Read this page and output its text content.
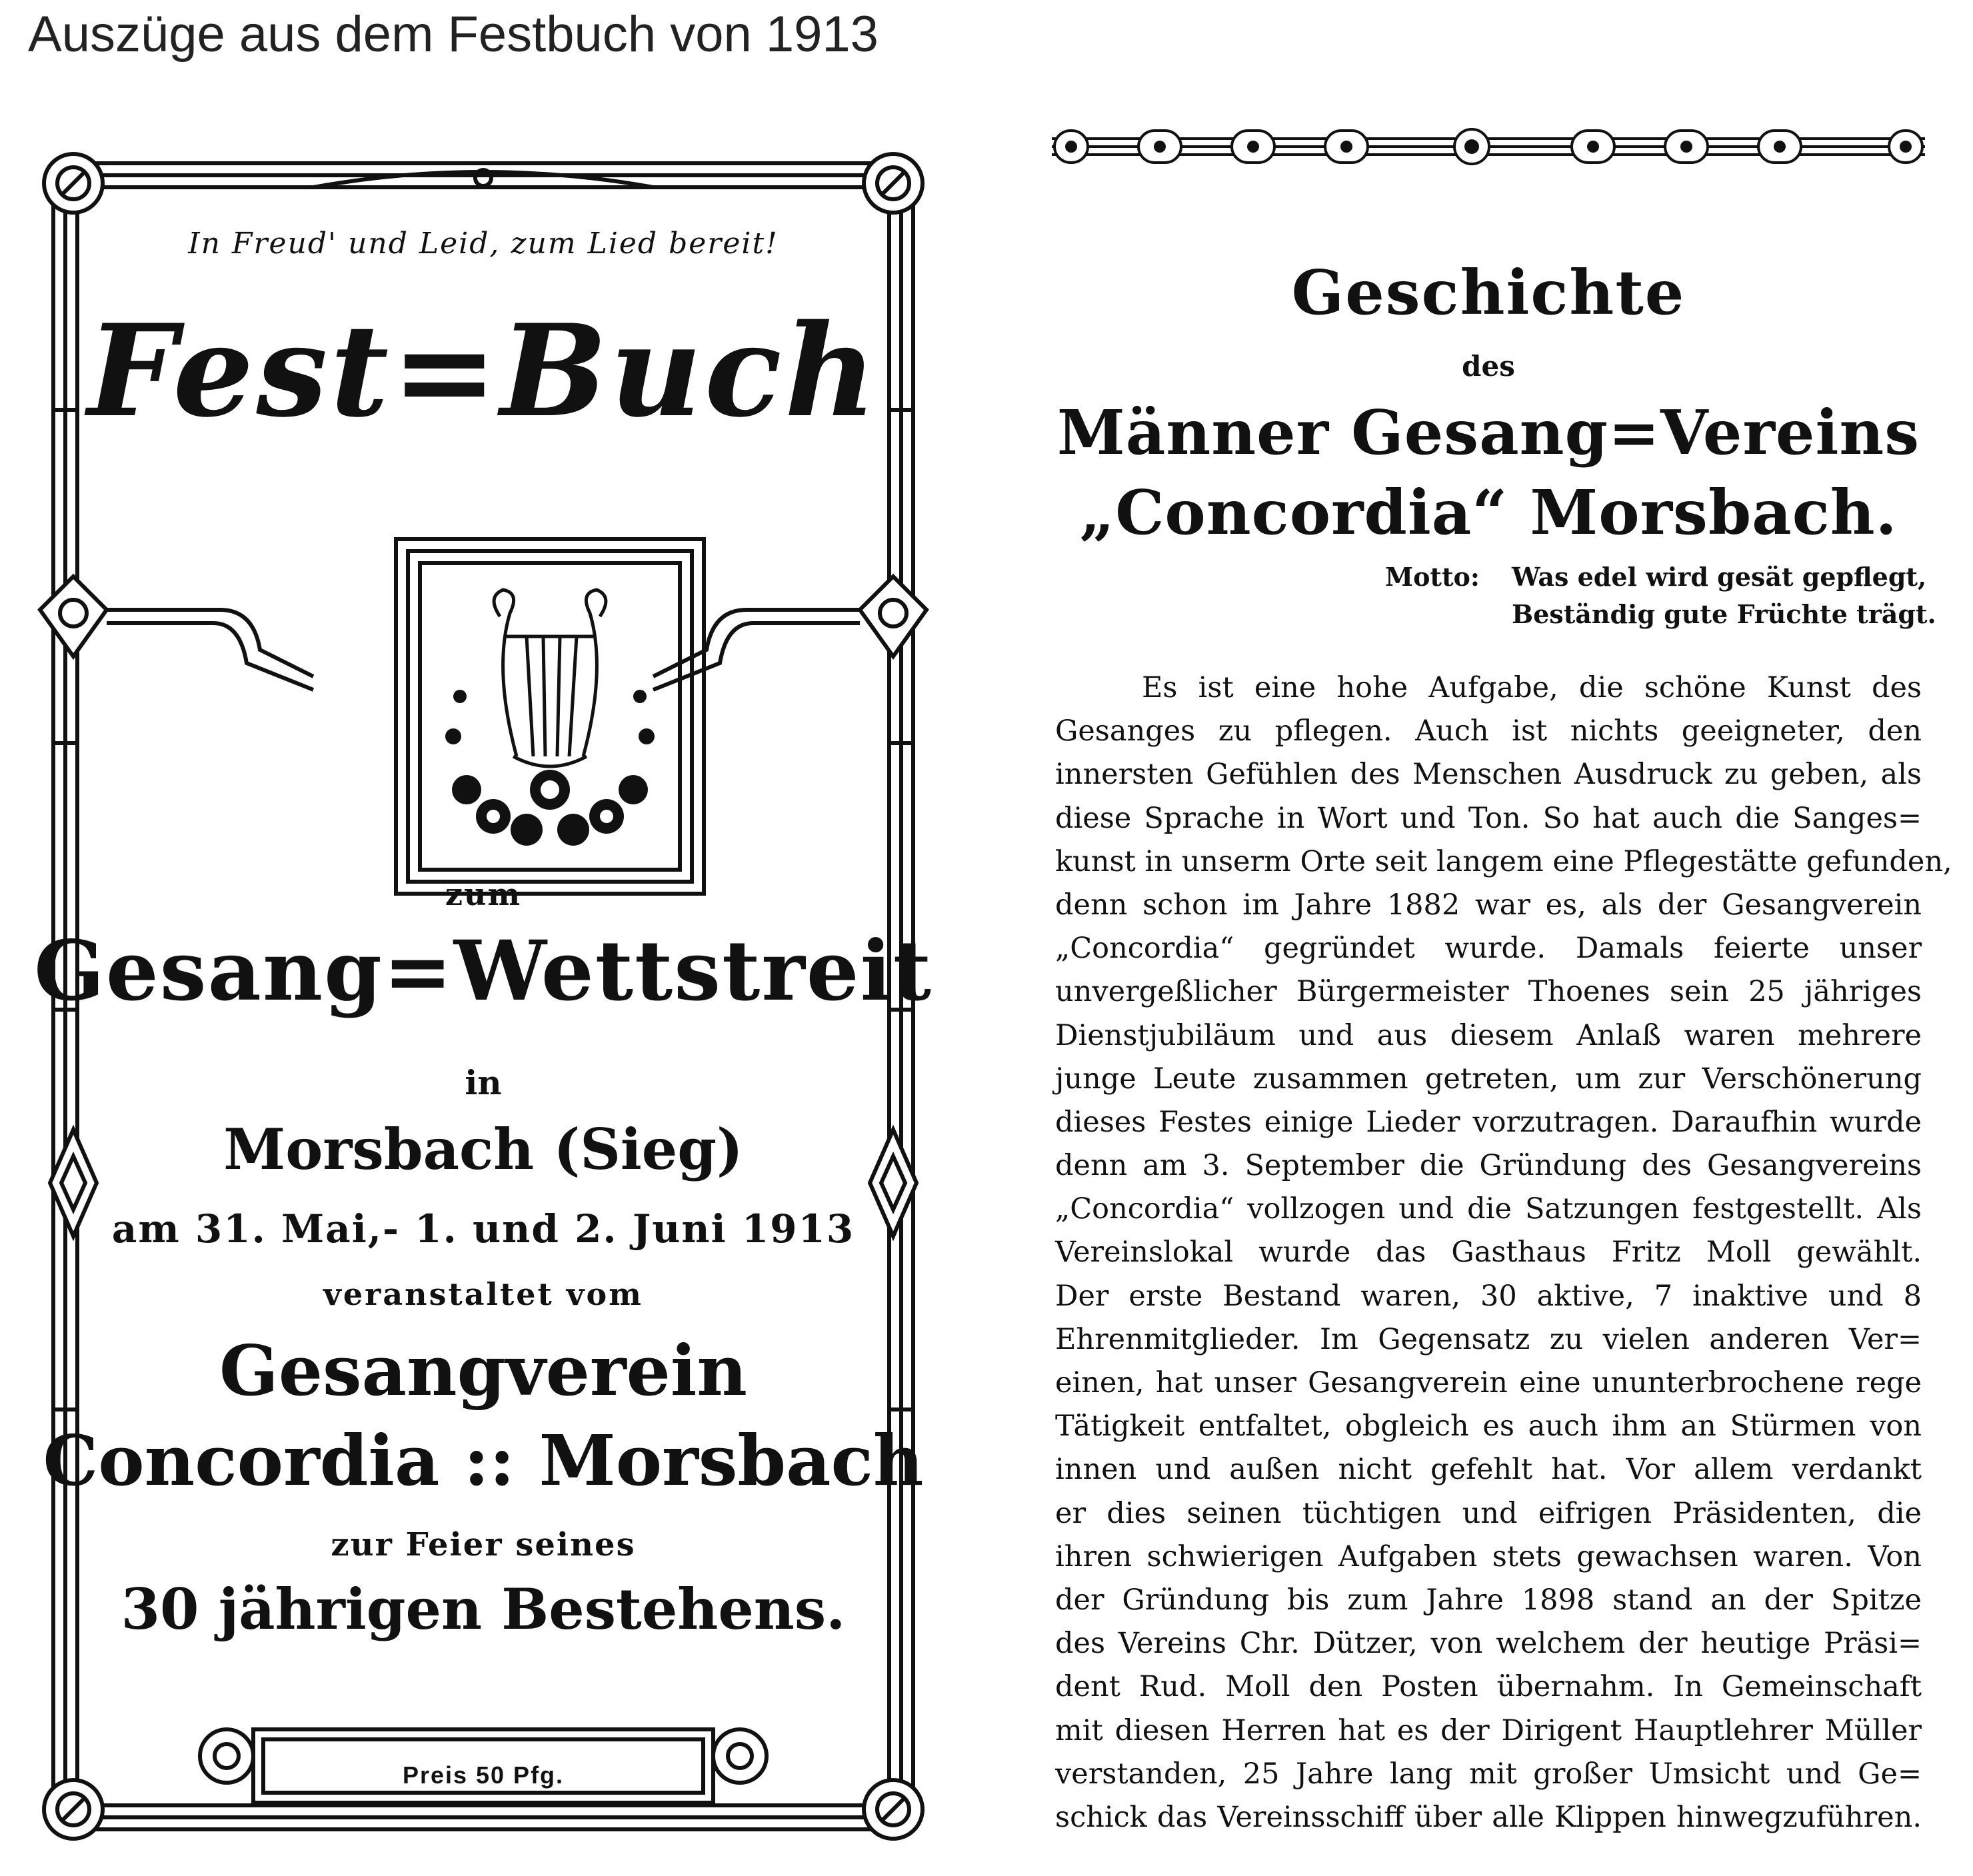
Auszüge aus dem Festbuch von 1913
In Freud' und Leid, zum Lied bereit!
Fest=Buch
zum
Gesang=Wettstreit
in
Morsbach (Sieg)
am 31. Mai,- 1. und 2. Juni 1913
veranstaltet vom
Gesangverein
Concordia :: Morsbach
zur Feier seines
30 jährigen Bestehens.
Preis 50 Pfg.
Geschichte
des
Männer Gesang=Vereins
„Concordia“ Morsbach.
Motto:	Was edel wird gesät gepflegt,
Beständig gute Früchte trägt.
Es ist eine hohe Aufgabe, die schöne Kunst des
Gesanges zu pflegen. Auch ist nichts geeigneter, den
innersten Gefühlen des Menschen Ausdruck zu geben, als
diese Sprache in Wort und Ton. So hat auch die Sanges=
kunst in unserm Orte seit langem eine Pflegestätte gefunden,
denn schon im Jahre 1882 war es, als der Gesangverein
„Concordia“ gegründet wurde. Damals feierte unser
unvergeßlicher Bürgermeister Thoenes sein 25 jähriges
Dienstjubiläum und aus diesem Anlaß waren mehrere
junge Leute zusammen getreten, um zur Verschönerung
dieses Festes einige Lieder vorzutragen. Daraufhin wurde
denn am 3. September die Gründung des Gesangvereins
„Concordia“ vollzogen und die Satzungen festgestellt. Als
Vereinslokal wurde das Gasthaus Fritz Moll gewählt.
Der erste Bestand waren, 30 aktive, 7 inaktive und 8
Ehrenmitglieder. Im Gegensatz zu vielen anderen Ver=
einen, hat unser Gesangverein eine ununterbrochene rege
Tätigkeit entfaltet, obgleich es auch ihm an Stürmen von
innen und außen nicht gefehlt hat. Vor allem verdankt
er dies seinen tüchtigen und eifrigen Präsidenten, die
ihren schwierigen Aufgaben stets gewachsen waren. Von
der Gründung bis zum Jahre 1898 stand an der Spitze
des Vereins Chr. Dützer, von welchem der heutige Präsi=
dent Rud. Moll den Posten übernahm. In Gemeinschaft
mit diesen Herren hat es der Dirigent Hauptlehrer Müller
verstanden, 25 Jahre lang mit großer Umsicht und Ge=
schick das Vereinsschiff über alle Klippen hinwegzuführen.
